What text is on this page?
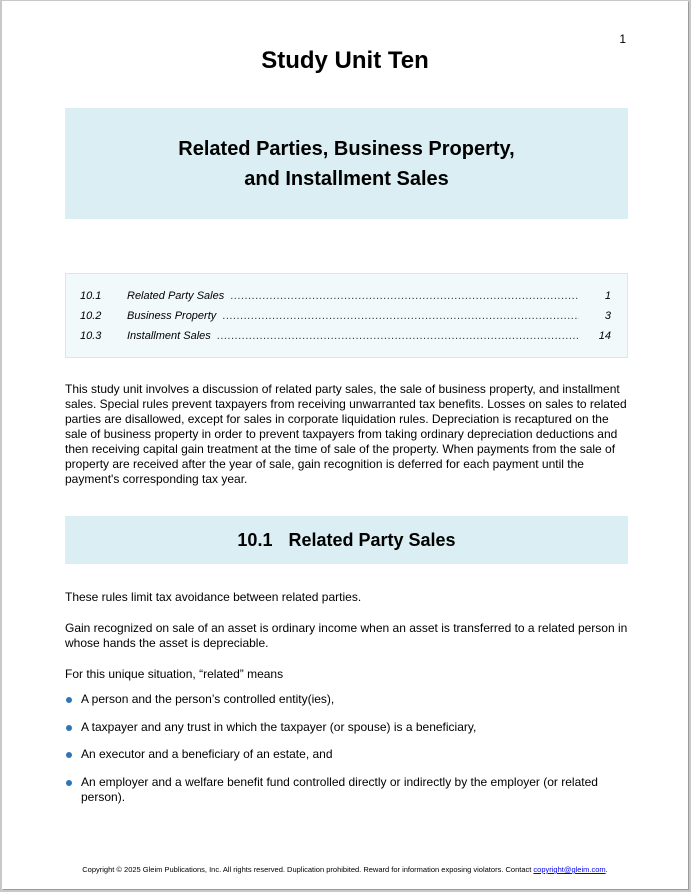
1
Study Unit Ten
Related Parties, Business Property,
and Installment Sales
10.1	Related Party Sales .....	1
10.2	Business Property .....	3
10.3	Installment Sales .....	14

This study unit involves a discussion of related party sales, the sale of business property, and installment sales. Special rules prevent taxpayers from receiving unwarranted tax benefits. Losses on sales to related parties are disallowed, except for sales in corporate liquidation rules. Depreciation is recaptured on the sale of business property in order to prevent taxpayers from taking ordinary depreciation deductions and then receiving capital gain treatment at the time of sale of the property. When payments from the sale of property are received after the year of sale, gain recognition is deferred for each payment until the payment's corresponding tax year.

10.1 Related Party Sales

These rules limit tax avoidance between related parties.

Gain recognized on sale of an asset is ordinary income when an asset is transferred to a related person in whose hands the asset is depreciable.

For this unique situation, “related” means

A person and the person’s controlled entity(ies),
A taxpayer and any trust in which the taxpayer (or spouse) is a beneficiary,
An executor and a beneficiary of an estate, and
An employer and a welfare benefit fund controlled directly or indirectly by the employer (or related person).
Copyright © 2025 Gleim Publications, Inc. All rights reserved. Duplication prohibited. Reward for information exposing violators. Contact copyright@gleim.com.
